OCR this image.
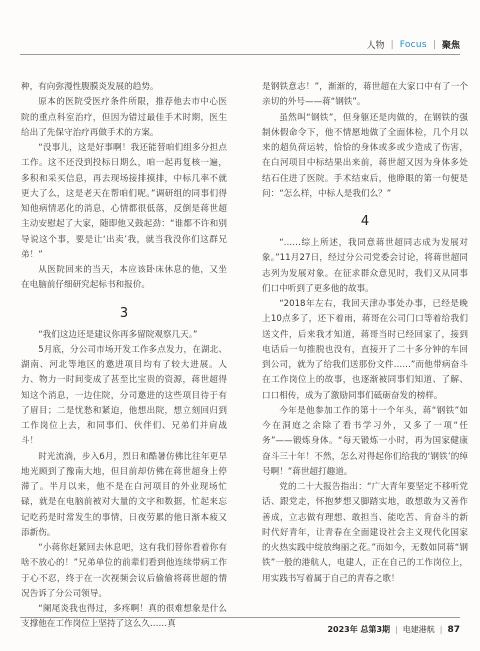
人物 | Focus | 聚焦

种，有向弥漫性腹膜炎发展的趋势。

原本的医院受医疗条件所限，推荐他去市中心医院的重点科室治疗，但因为错过最佳手术时期，医生给出了先保守治疗再做手术的方案。

“没事儿，这是好事啊！我还能替咱们组多分担点工作。这不还没到投标日期么，咱一起再复核一遍，多积和采买信息，再去现场接排摸排，中标几率不就更大了么，这是老天在帮咱们呢。”调研组的同事们得知他病情恶化的消息，心情都很低落，反倒是蒋世超主动安慰起了大家，随即他又鼓起劲：“谁都不许和别导说这个事，要是让‘出卖’我，就当我没你们这群兄弟！”

从医院回来的当天，本应该卧床休息的他，又坐在电脑前仔细研究起标书和报价。

3

“我们这边还是建议你再多留院观察几天。”

5月底，分公司市场开发工作多点发力，在湖北、湖南、河北等地区的邀进项目均有了较大进展。人力、物力一时间变成了甚至比宝贵的资源，蒋世超得知这个消息，一边住院，分司邀进的这些项目待于有了眉目；二是忧愁和紧迫，他想出院，想立刻回归到工作岗位上去，和同事们、伙伴们、兄弟们并肩战斗！

时光流淌，步入6月，烈日和酷暑仿佛比往年更早地光顾到了豫南大地，但目前却仿佛在蒋世超身上停滞了。半月以来，他不是在白河项目的外业现场忙碌，就是在电脑前被对大量的文字和数据，忙起来忘记吃药是时常发生的事情，日夜劳累的他日渐本疲又添新伤。

“小蒋你赶紧回去休息吧，这有我们替你看着你有啥不放心的！”兄弟单位的前辈们看到他连续带病工作于心不忍，终于在一次视频会议后偷偷将蒋世超的情况告诉了分公司领导。

“阑尾炎我也得过，多疼啊！真的很难想象是什么支撑他在工作岗位上坚持了这么久……真

是钢铁意志！”，渐渐的，蒋世超在大家口中有了一个亲切的外号——蒋“钢铁”。

虽然叫“钢铁”，但身躯还是肉做的，在钢铁的强制休假命令下，他不情愿地做了全面体检，几个月以来的超负荷运转，恰恰的身体或多或少造成了伤害，在白河项目中标结果出来前，蒋世超又因为身体多处结石住进了医院。手术结束后，他睁眼的第一句便是问：“怎么样，中标人是我们么？”

4

“……综上所述，我同意蒋世超同志成为发展对象。”11月27日，经过分公司党委会讨论，将蒋世超同志列为发展对象。在征求群众意见时，我们又从同事们口中听到了更多他的故事。

“2018年左右，我回天津办事处办事，已经是晚上10点多了，还下着雨，蒋哥在公司门口等着给我们送文件，后来我才知道，蒋哥当时已经回家了，接到电话后一句推脱也没有，直接开了二十多分钟的车回到公司，就为了给我们送那份文件……”而他带病奋斗在工作岗位上的故事，也逐渐被同事们知道、了解、口口相传，成为了激励同事们砥砺奋发的榜样。

今年是他参加工作的第十一个年头，蒋“钢铁”如今在洞庭之余除了看书学习外，又多了一项“任务”——锻炼身体。“每天锻炼一小时，再为国家健康奋斗三十年！不然，怎么对得起你们给我的‘钢铁’的绰号啊！”蒋世超打趣道。

党的二十大报告指出：“广大青年要坚定不移听党话、跟党走，怀抱梦想又脚踏实地，敢想敢为又善作善成，立志做有理想、敢担当、能吃苦、肯奋斗的新时代好青年，让青春在全面建设社会主义现代化国家的火热实践中绽放绚丽之花。”而如今，无数如同蒋“钢铁”一般的港航人，电建人，正在自己的工作岗位上，用实践书写着属于自己的青春之歌！

2023年 总第3期 | 电建港航 | 87
